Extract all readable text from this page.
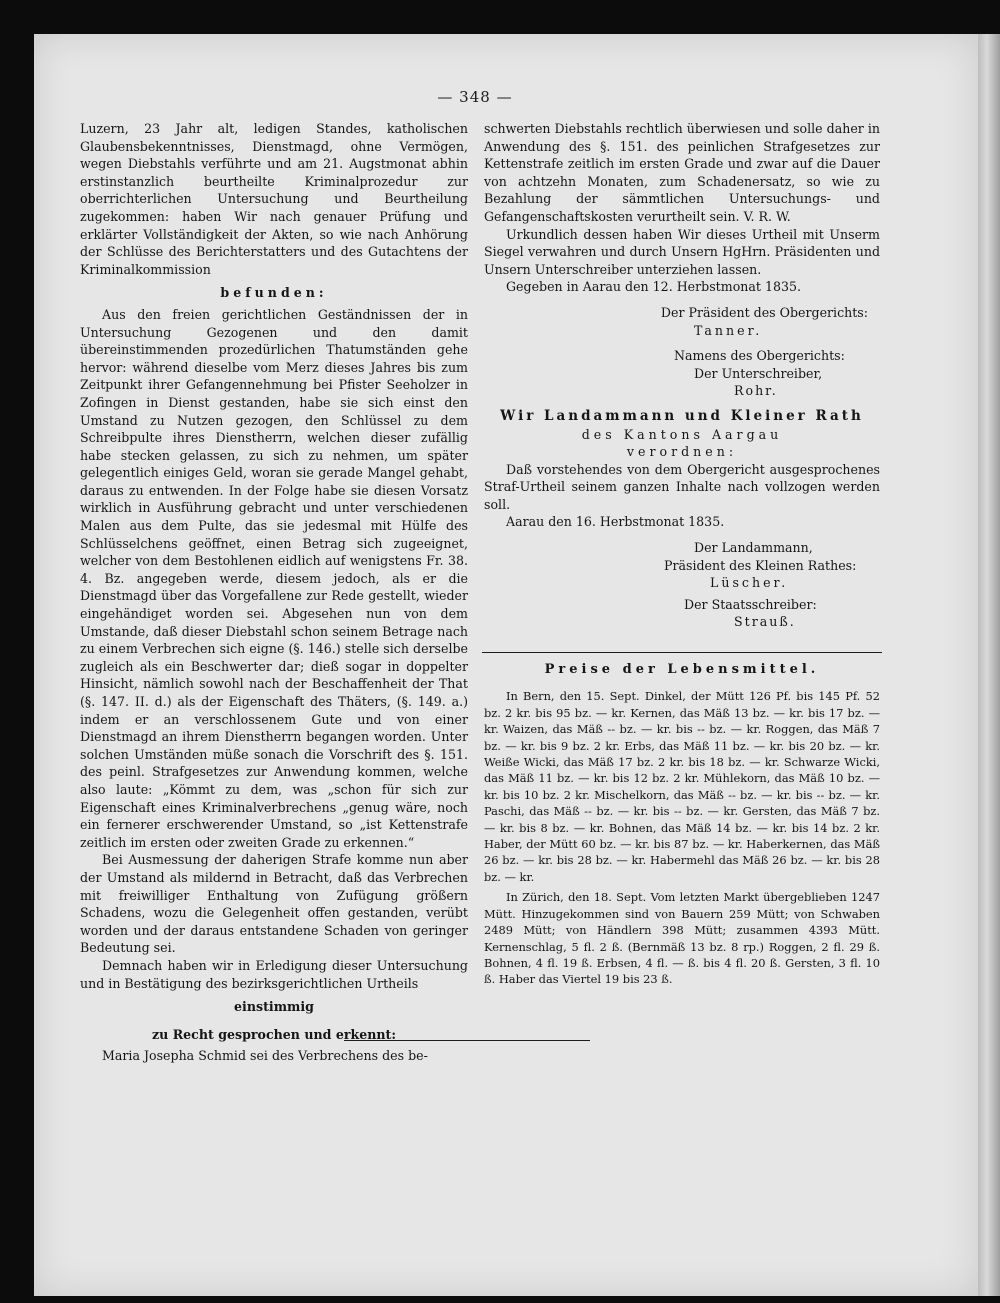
— 348 —

Luzern, 23 Jahr alt, ledigen Standes, katholischen Glaubensbekenntnisses, Dienstmagd, ohne Vermögen, wegen Diebstahls verführte und am 21. Augstmonat abhin erstinstanzlich beurtheilte Kriminalprozedur zur oberrichterlichen Untersuchung und Beurtheilung zugekommen: haben Wir nach genauer Prüfung und erklärter Vollständigkeit der Akten, so wie nach Anhörung der Schlüsse des Berichterstatters und des Gutachtens der Kriminalkommission

befunden:

Aus den freien gerichtlichen Geständnissen der in Untersuchung Gezogenen und den damit übereinstimmenden prozedürlichen Thatumständen gehe hervor: während dieselbe vom Merz dieses Jahres bis zum Zeitpunkt ihrer Gefangennehmung bei Pfister Seeholzer in Zofingen in Dienst gestanden, habe sie sich einst den Umstand zu Nutzen gezogen, den Schlüssel zu dem Schreibpulte ihres Dienstherrn, welchen dieser zufällig habe stecken gelassen, zu sich zu nehmen, um später gelegentlich einiges Geld, woran sie gerade Mangel gehabt, daraus zu entwenden. In der Folge habe sie diesen Vorsatz wirklich in Ausführung gebracht und unter verschiedenen Malen aus dem Pulte, das sie jedesmal mit Hülfe des Schlüsselchens geöffnet, einen Betrag sich zugeeignet, welcher von dem Bestohlenen eidlich auf wenigstens Fr. 38. 4. Bz. angegeben werde, diesem jedoch, als er die Dienstmagd über das Vorgefallene zur Rede gestellt, wieder eingehändiget worden sei. Abgesehen nun von dem Umstande, daß dieser Diebstahl schon seinem Betrage nach zu einem Verbrechen sich eigne (§. 146.) stelle sich derselbe zugleich als ein Beschwerter dar; dieß sogar in doppelter Hinsicht, nämlich sowohl nach der Beschaffenheit der That (§. 147. II. d.) als der Eigenschaft des Thäters, (§. 149. a.) indem er an verschlossenem Gute und von einer Dienstmagd an ihrem Dienstherrn begangen worden. Unter solchen Umständen müße sonach die Vorschrift des §. 151. des peinl. Strafgesetzes zur Anwendung kommen, welche also laute: „Kömmt zu dem, was „schon für sich zur Eigenschaft eines Kriminalverbrechens „genug wäre, noch ein fernerer erschwerender Umstand, so „ist Kettenstrafe zeitlich im ersten oder zweiten Grade zu erkennen.“

Bei Ausmessung der daherigen Strafe komme nun aber der Umstand als mildernd in Betracht, daß das Verbrechen mit freiwilliger Enthaltung von Zufügung größern Schadens, wozu die Gelegenheit offen gestanden, verübt worden und der daraus entstandene Schaden von geringer Bedeutung sei.

Demnach haben wir in Erledigung dieser Untersuchung und in Bestätigung des bezirksgerichtlichen Urtheils

einstimmig

zu Recht gesprochen und erkennt:

Maria Josepha Schmid sei des Verbrechens des be-

schwerten Diebstahls rechtlich überwiesen und solle daher in Anwendung des §. 151. des peinlichen Strafgesetzes zur Kettenstrafe zeitlich im ersten Grade und zwar auf die Dauer von achtzehn Monaten, zum Schadenersatz, so wie zu Bezahlung der sämmtlichen Untersuchungs- und Gefangenschaftskosten verurtheilt sein. V. R. W.

Urkundlich dessen haben Wir dieses Urtheil mit Unserm Siegel verwahren und durch Unsern HgHrn. Präsidenten und Unsern Unterschreiber unterziehen lassen.

Gegeben in Aarau den 12. Herbstmonat 1835.

Der Präsident des Obergerichts:

Tanner.

Namens des Obergerichts:

Der Unterschreiber,

Rohr.

Wir Landammann und Kleiner Rath

des Kantons Aargau

verordnen:

Daß vorstehendes von dem Obergericht ausgesprochenes Straf-Urtheil seinem ganzen Inhalte nach vollzogen werden soll.

Aarau den 16. Herbstmonat 1835.

Der Landammann,

Präsident des Kleinen Rathes:

Lüscher.

Der Staatsschreiber:

Strauß.

Preise der Lebensmittel.

In Bern, den 15. Sept. Dinkel, der Mütt 126 Pf. bis 145 Pf. 52 bz. 2 kr. bis 95 bz. — kr. Kernen, das Mäß 13 bz. — kr. bis 17 bz. — kr. Waizen, das Mäß -- bz. — kr. bis -- bz. — kr. Roggen, das Mäß 7 bz. — kr. bis 9 bz. 2 kr. Erbs, das Mäß 11 bz. — kr. bis 20 bz. — kr. Weiße Wicki, das Mäß 17 bz. 2 kr. bis 18 bz. — kr. Schwarze Wicki, das Mäß 11 bz. — kr. bis 12 bz. 2 kr. Mühlekorn, das Mäß 10 bz. — kr. bis 10 bz. 2 kr. Mischelkorn, das Mäß -- bz. — kr. bis -- bz. — kr. Paschi, das Mäß -- bz. — kr. bis -- bz. — kr. Gersten, das Mäß 7 bz. — kr. bis 8 bz. — kr. Bohnen, das Mäß 14 bz. — kr. bis 14 bz. 2 kr. Haber, der Mütt 60 bz. — kr. bis 87 bz. — kr. Haberkernen, das Mäß 26 bz. — kr. bis 28 bz. — kr. Habermehl das Mäß 26 bz. — kr. bis 28 bz. — kr.

In Zürich, den 18. Sept. Vom letzten Markt übergeblieben 1247 Mütt. Hinzugekommen sind von Bauern 259 Mütt; von Schwaben 2489 Mütt; von Händlern 398 Mütt; zusammen 4393 Mütt. Kernenschlag, 5 fl. 2 ß. (Bernmäß 13 bz. 8 rp.) Roggen, 2 fl. 29 ß. Bohnen, 4 fl. 19 ß. Erbsen, 4 fl. — ß. bis 4 fl. 20 ß. Gersten, 3 fl. 10 ß. Haber das Viertel 19 bis 23 ß.
